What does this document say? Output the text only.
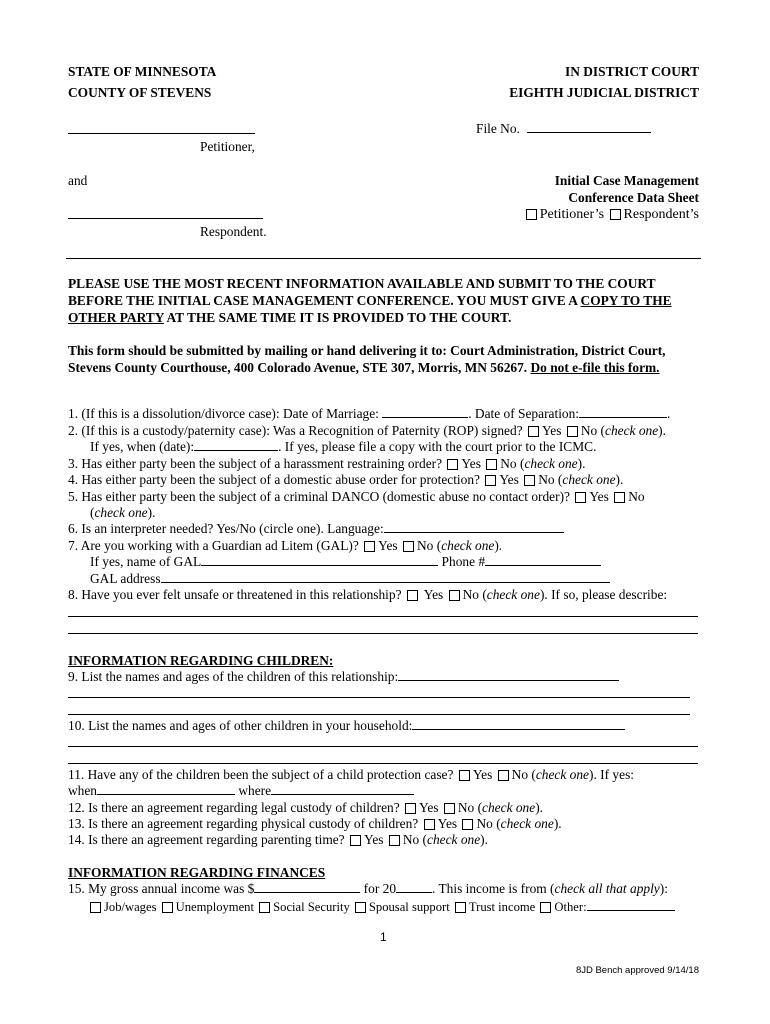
STATE OF MINNESOTA
COUNTY OF STEVENS
IN DISTRICT COURT
EIGHTH JUDICIAL DISTRICT
Petitioner,
and
Respondent.
File No.
Initial Case Management
Conference Data Sheet
Petitioner’s Respondent’s
PLEASE USE THE MOST RECENT INFORMATION AVAILABLE AND SUBMIT TO THE COURT
BEFORE THE INITIAL CASE MANAGEMENT CONFERENCE. YOU MUST GIVE A COPY TO THE
OTHER PARTY AT THE SAME TIME IT IS PROVIDED TO THE COURT.
This form should be submitted by mailing or hand delivering it to: Court Administration, District Court,
Stevens County Courthouse, 400 Colorado Avenue, STE 307, Morris, MN 56267. Do not e-file this form.
1. (If this is a dissolution/divorce case): Date of Marriage:	. Date of Separation:	.
2. (If this is a custody/paternity case): Was a Recognition of Paternity (ROP) signed? Yes No (check one).
If yes, when (date):	. If yes, please file a copy with the court prior to the ICMC.
3. Has either party been the subject of a harassment restraining order? Yes No (check one).
4. Has either party been the subject of a domestic abuse order for protection? Yes No (check one).
5. Has either party been the subject of a criminal DANCO (domestic abuse no contact order)? Yes No
(check one).
6. Is an interpreter needed? Yes/No (circle one). Language:
7. Are you working with a Guardian ad Litem (GAL)? Yes No (check one).
If yes, name of GAL	Phone #
GAL address
8. Have you ever felt unsafe or threatened in this relationship? Yes No (check one). If so, please describe:
INFORMATION REGARDING CHILDREN:
9. List the names and ages of the children of this relationship:
10. List the names and ages of other children in your household:
11. Have any of the children been the subject of a child protection case? Yes No (check one). If yes:
when	where
12. Is there an agreement regarding legal custody of children? Yes No (check one).
13. Is there an agreement regarding physical custody of children? Yes No (check one).
14. Is there an agreement regarding parenting time? Yes No (check one).
INFORMATION REGARDING FINANCES
15. My gross annual income was $	for 20	. This income is from (check all that apply):
Job/wages Unemployment Social Security Spousal support Trust income Other:
1
8JD Bench approved 9/14/18
